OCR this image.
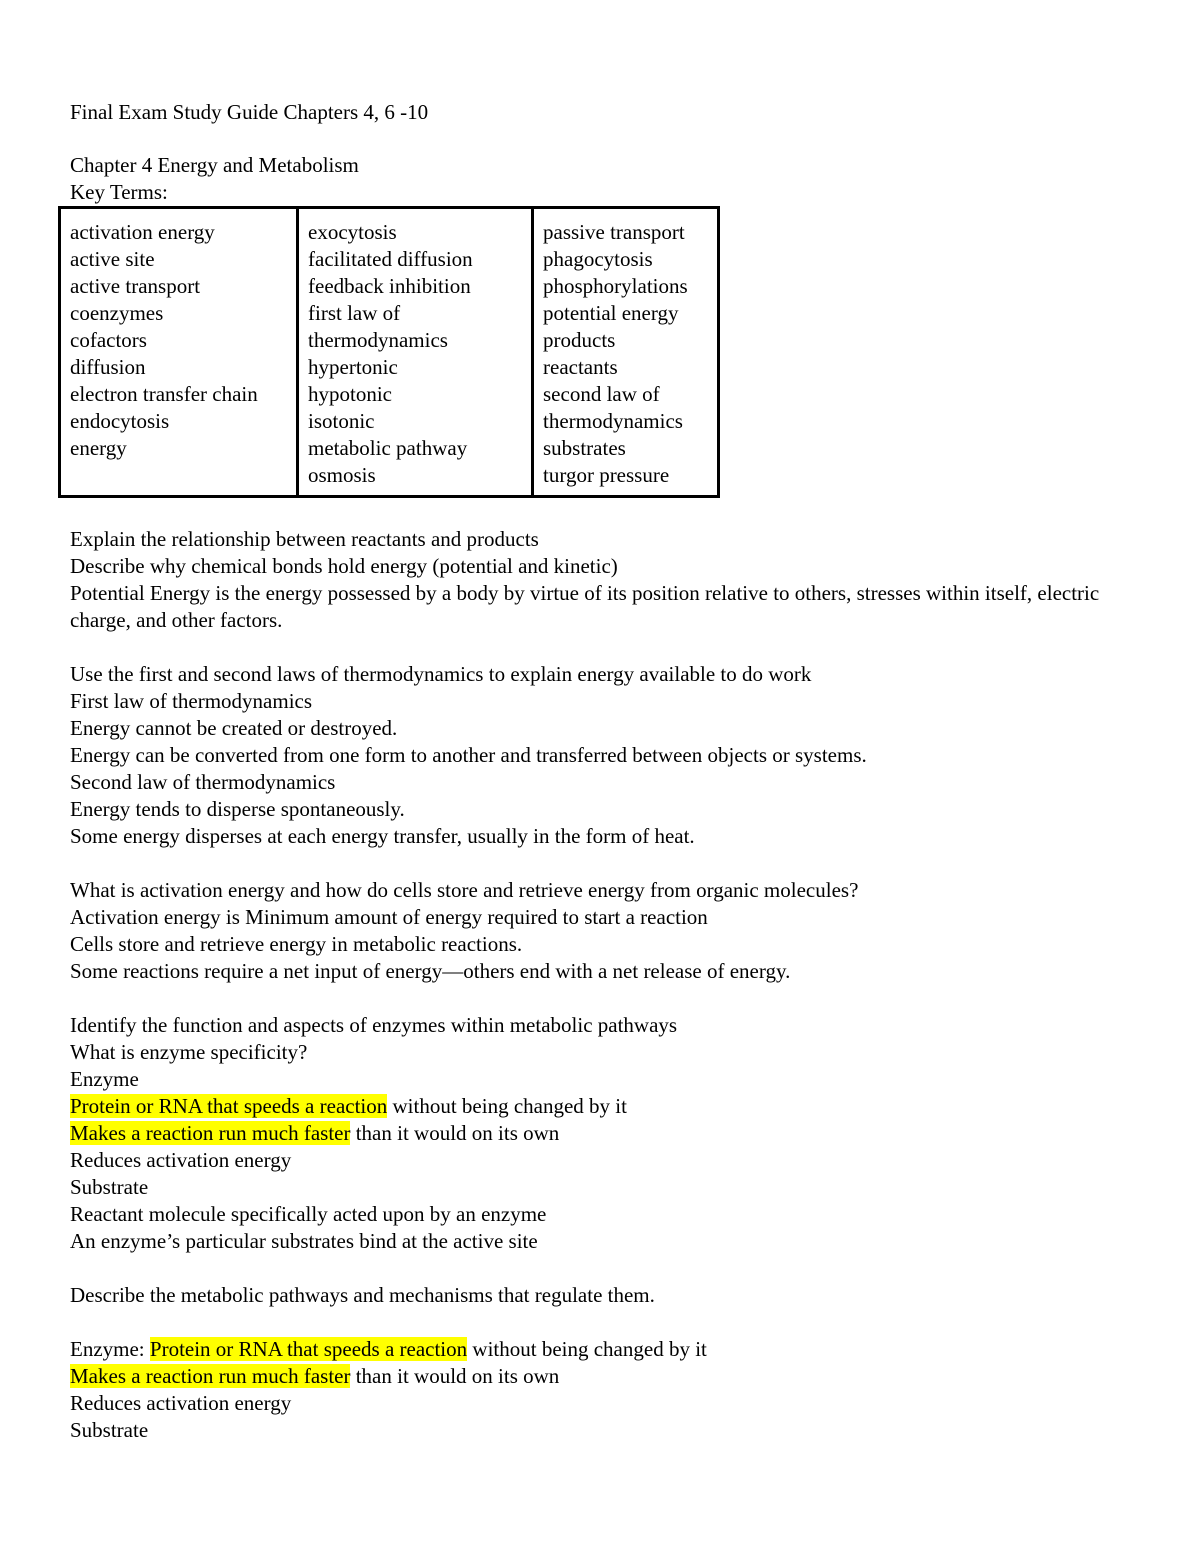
Final Exam Study Guide Chapters 4, 6 -10
Chapter 4 Energy and Metabolism
Key Terms:
activation energy
active site
active transport
coenzymes
cofactors
diffusion
electron transfer chain
endocytosis
energy
exocytosis
facilitated diffusion
feedback inhibition
first law of
thermodynamics
hypertonic
hypotonic
isotonic
metabolic pathway
osmosis
passive transport
phagocytosis
phosphorylations
potential energy
products
reactants
second law of
thermodynamics
substrates
turgor pressure
Explain the relationship between reactants and products
Describe why chemical bonds hold energy (potential and kinetic)
Potential Energy is the energy possessed by a body by virtue of its position relative to others, stresses within itself, electric charge, and other factors.
Use the first and second laws of thermodynamics to explain energy available to do work
First law of thermodynamics
Energy cannot be created or destroyed.
Energy can be converted from one form to another and transferred between objects or systems.
Second law of thermodynamics
Energy tends to disperse spontaneously.
Some energy disperses at each energy transfer, usually in the form of heat.
What is activation energy and how do cells store and retrieve energy from organic molecules?
Activation energy is Minimum amount of energy required to start a reaction
Cells store and retrieve energy in metabolic reactions.
Some reactions require a net input of energy—others end with a net release of energy.
Identify the function and aspects of enzymes within metabolic pathways
What is enzyme specificity?
Enzyme
Protein or RNA that speeds a reaction without being changed by it
Makes a reaction run much faster than it would on its own
Reduces activation energy
Substrate
Reactant molecule specifically acted upon by an enzyme
An enzyme’s particular substrates bind at the active site
Describe the metabolic pathways and mechanisms that regulate them.
Enzyme: Protein or RNA that speeds a reaction without being changed by it
Makes a reaction run much faster than it would on its own
Reduces activation energy
Substrate
